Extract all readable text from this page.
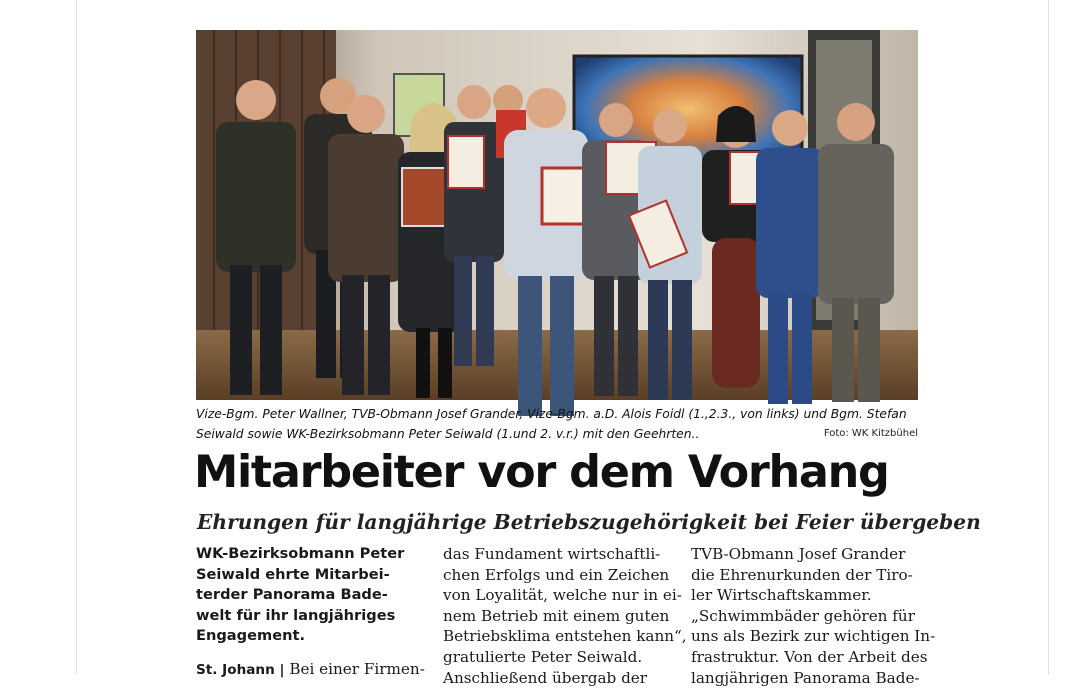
Vize-Bgm. Peter Wallner, TVB-Obmann Josef Grander, Vize-Bgm. a.D. Alois Foidl (1.,2.3., von links) und Bgm. Stefan
Seiwald sowie WK-Bezirksobmann Peter Seiwald (1.und 2. v.r.) mit den Geehrten..	Foto: WK Kitzbühel
Mitarbeiter vor dem Vorhang
Ehrungen für langjährige Betriebszugehörigkeit bei Feier übergeben
WK-Bezirksobmann Peter
Seiwald ehrte Mitarbei-
terder Panorama Bade-
welt für ihr langjähriges
Engagement.
St. Johann | Bei einer Firmen-
das Fundament wirtschaftli-
chen Erfolgs und ein Zeichen
von Loyalität, welche nur in ei-
nem Betrieb mit einem guten
Betriebsklima entstehen kann“,
gratulierte Peter Seiwald.
Anschließend übergab der
TVB-Obmann Josef Grander
die Ehrenurkunden der Tiro-
ler Wirtschaftskammer.
„Schwimmbäder gehören für
uns als Bezirk zur wichtigen In-
frastruktur. Von der Arbeit des
langjährigen Panorama Bade-
